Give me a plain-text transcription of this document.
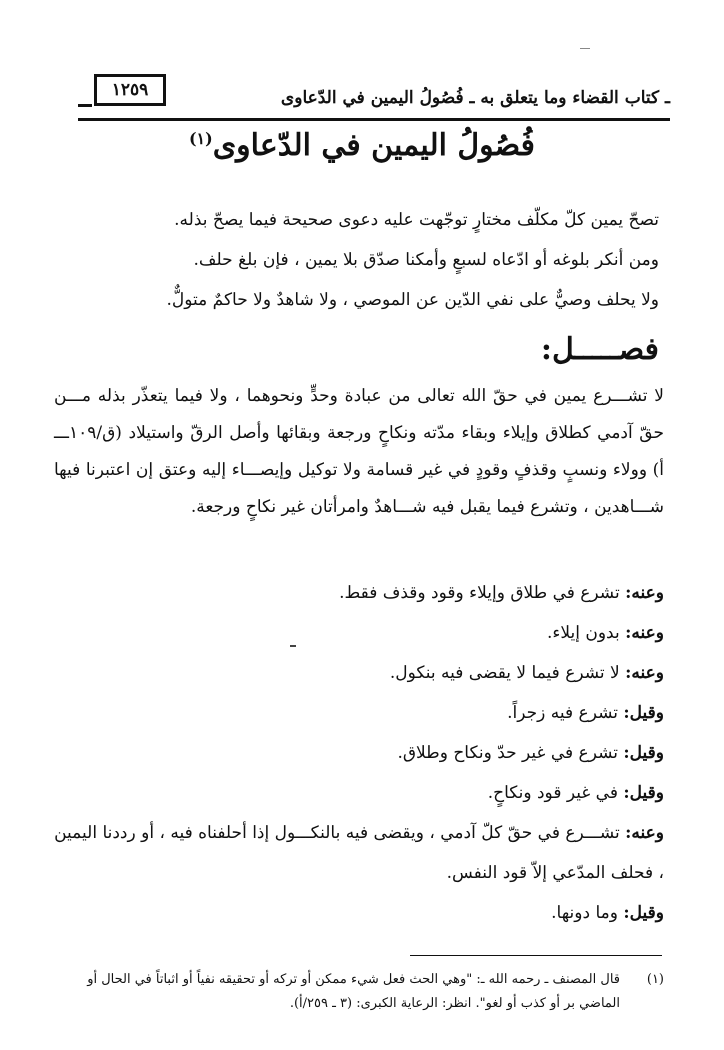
ـ كتاب القضاء وما يتعلق به ـ فُصُولُ اليمين في الدّعاوى
١٢٥٩
فُصُولُ اليمين في الدّعاوى$^{(١)}$

تصحّ يمين كلّ مكلّف مختارٍ توجّهت عليه دعوى صحيحة فيما يصحّ بذله.

ومن أنكر بلوغه أو ادّعاه لسبعٍ وأمكنا صدّق بلا يمين ، فإن بلغ حلف.

ولا يحلف وصيٌّ على نفي الدّين عن الموصي ، ولا شاهدٌ ولا حاكمٌ متولٌّ.

فصـــــل:

لا تشـــرع يمين في حقّ الله تعالى من عبادة وحدٍّ ونحوهما ، ولا فيما يتعذّر بذله مـــن حقّ آدمي كطلاق وإيلاء وبقاء مدّته ونكاحٍ ورجعة وبقائها وأصل الرقّ واستيلاد (ق/١٠٩ـــ أ) وولاء ونسبٍ وقذفٍ وقودٍ في غير قسامة ولا توكيل وإيصـــاء إليه وعتق إن اعتبرنا فيها شـــاهدين ، وتشرع فيما يقبل فيه شـــاهدٌ وامرأتان غير نكاحٍ ورجعة.

وعنه: تشرع في طلاق وإيلاء وقود وقذف فقط.

وعنه: بدون إيلاء.

وعنه: لا تشرع فيما لا يقضى فيه بنكول.

وقيل: تشرع فيه زجراً.

وقيل: تشرع في غير حدّ ونكاح وطلاق.

وقيل: في غير قود ونكاحٍ.

وعنه: تشـــرع في حقّ كلّ آدمي ، ويقضى فيه بالنكـــول إذا أحلفناه فيه ، أو رددنا اليمين ، فحلف المدّعي إلاّ قود النفس.

وقيل: وما دونها.

(١)
قال المصنف ـ رحمه الله ـ: "وهي الحث فعل شيء ممكن أو تركه أو تحقيقه نفياً أو اثباتاً في الحال أو الماضي بر أو كذب أو لغو". انظر: الرعاية الكبرى: (٣ ـ ٢٥٩/أ).
